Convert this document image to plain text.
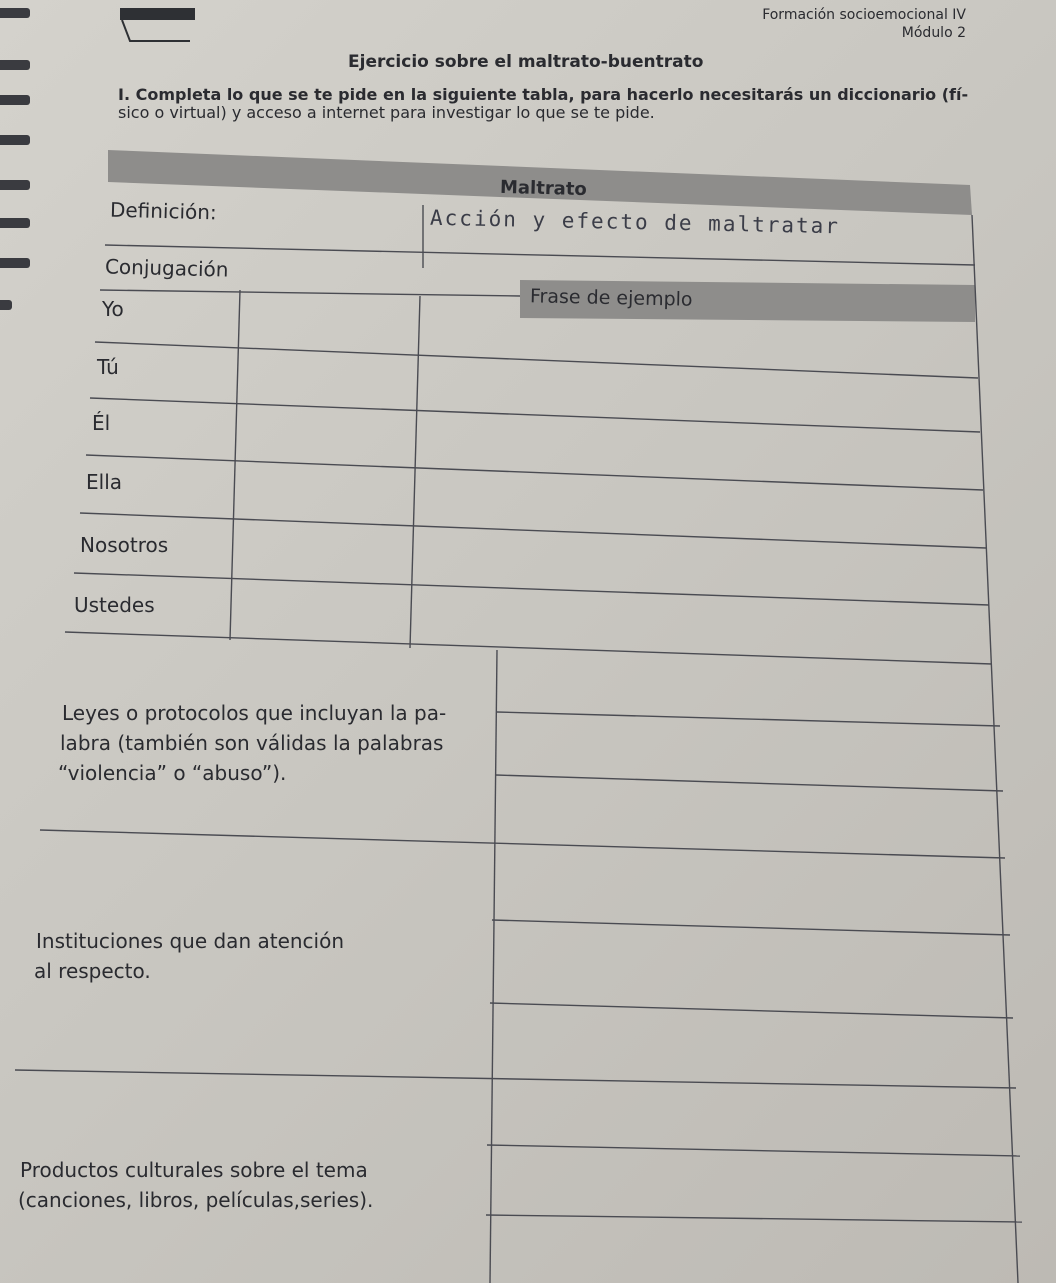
Formación socioemocional IV
Módulo 2
Ejercicio sobre el maltrato-buentrato
I. Completa lo que se te pide en la siguiente tabla, para hacerlo necesitarás un diccionario (fí-
sico o virtual) y acceso a internet para investigar lo que se te pide.
Maltrato
Definición:	Acción y efecto de maltratar
Conjugación
Frase de ejemplo
Yo
Tú
Él
Ella
Nosotros
Ustedes
Leyes o protocolos que incluyan la pa-
labra (también son válidas la palabras
“violencia” o “abuso”).
Instituciones que dan atención
al respecto.
Productos culturales sobre el tema
(canciones, libros, películas,series).
